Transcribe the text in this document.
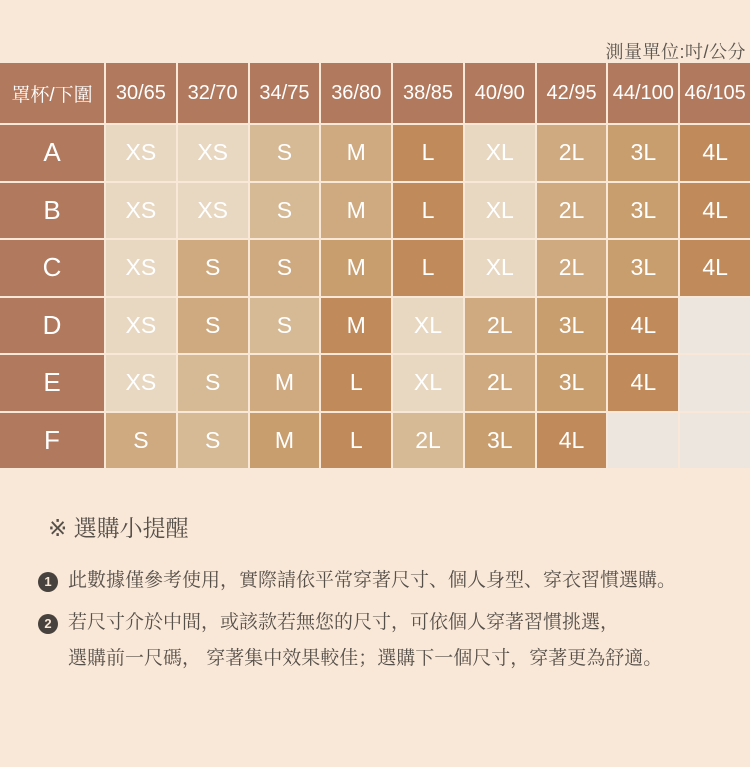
測量單位:吋/公分
罩杯/下圍	30/65	32/70	34/75	36/80	38/85	40/90	42/95 44/100 46/105
A	XS	XS	S	M	L	XL	2L	3L	4L
B	XS	XS	S	M	L	XL	2L	3L	4L
C	XS	S	S	M	L	XL	2L	3L	4L
D	XS	S	S	M	XL	2L	3L	4L
E	XS	S	M	L	XL	2L	3L	4L
F	S	S	M	L	2L	3L	4L
※ 選購小提醒
1 此數據僅參考使用，實際請依平常穿著尺寸、個人身型、穿衣習慣選購。
2 若尺寸介於中間，或該款若無您的尺寸，可依個人穿著習慣挑選，
選購前一尺碼， 穿著集中效果較佳；選購下一個尺寸，穿著更為舒適。
